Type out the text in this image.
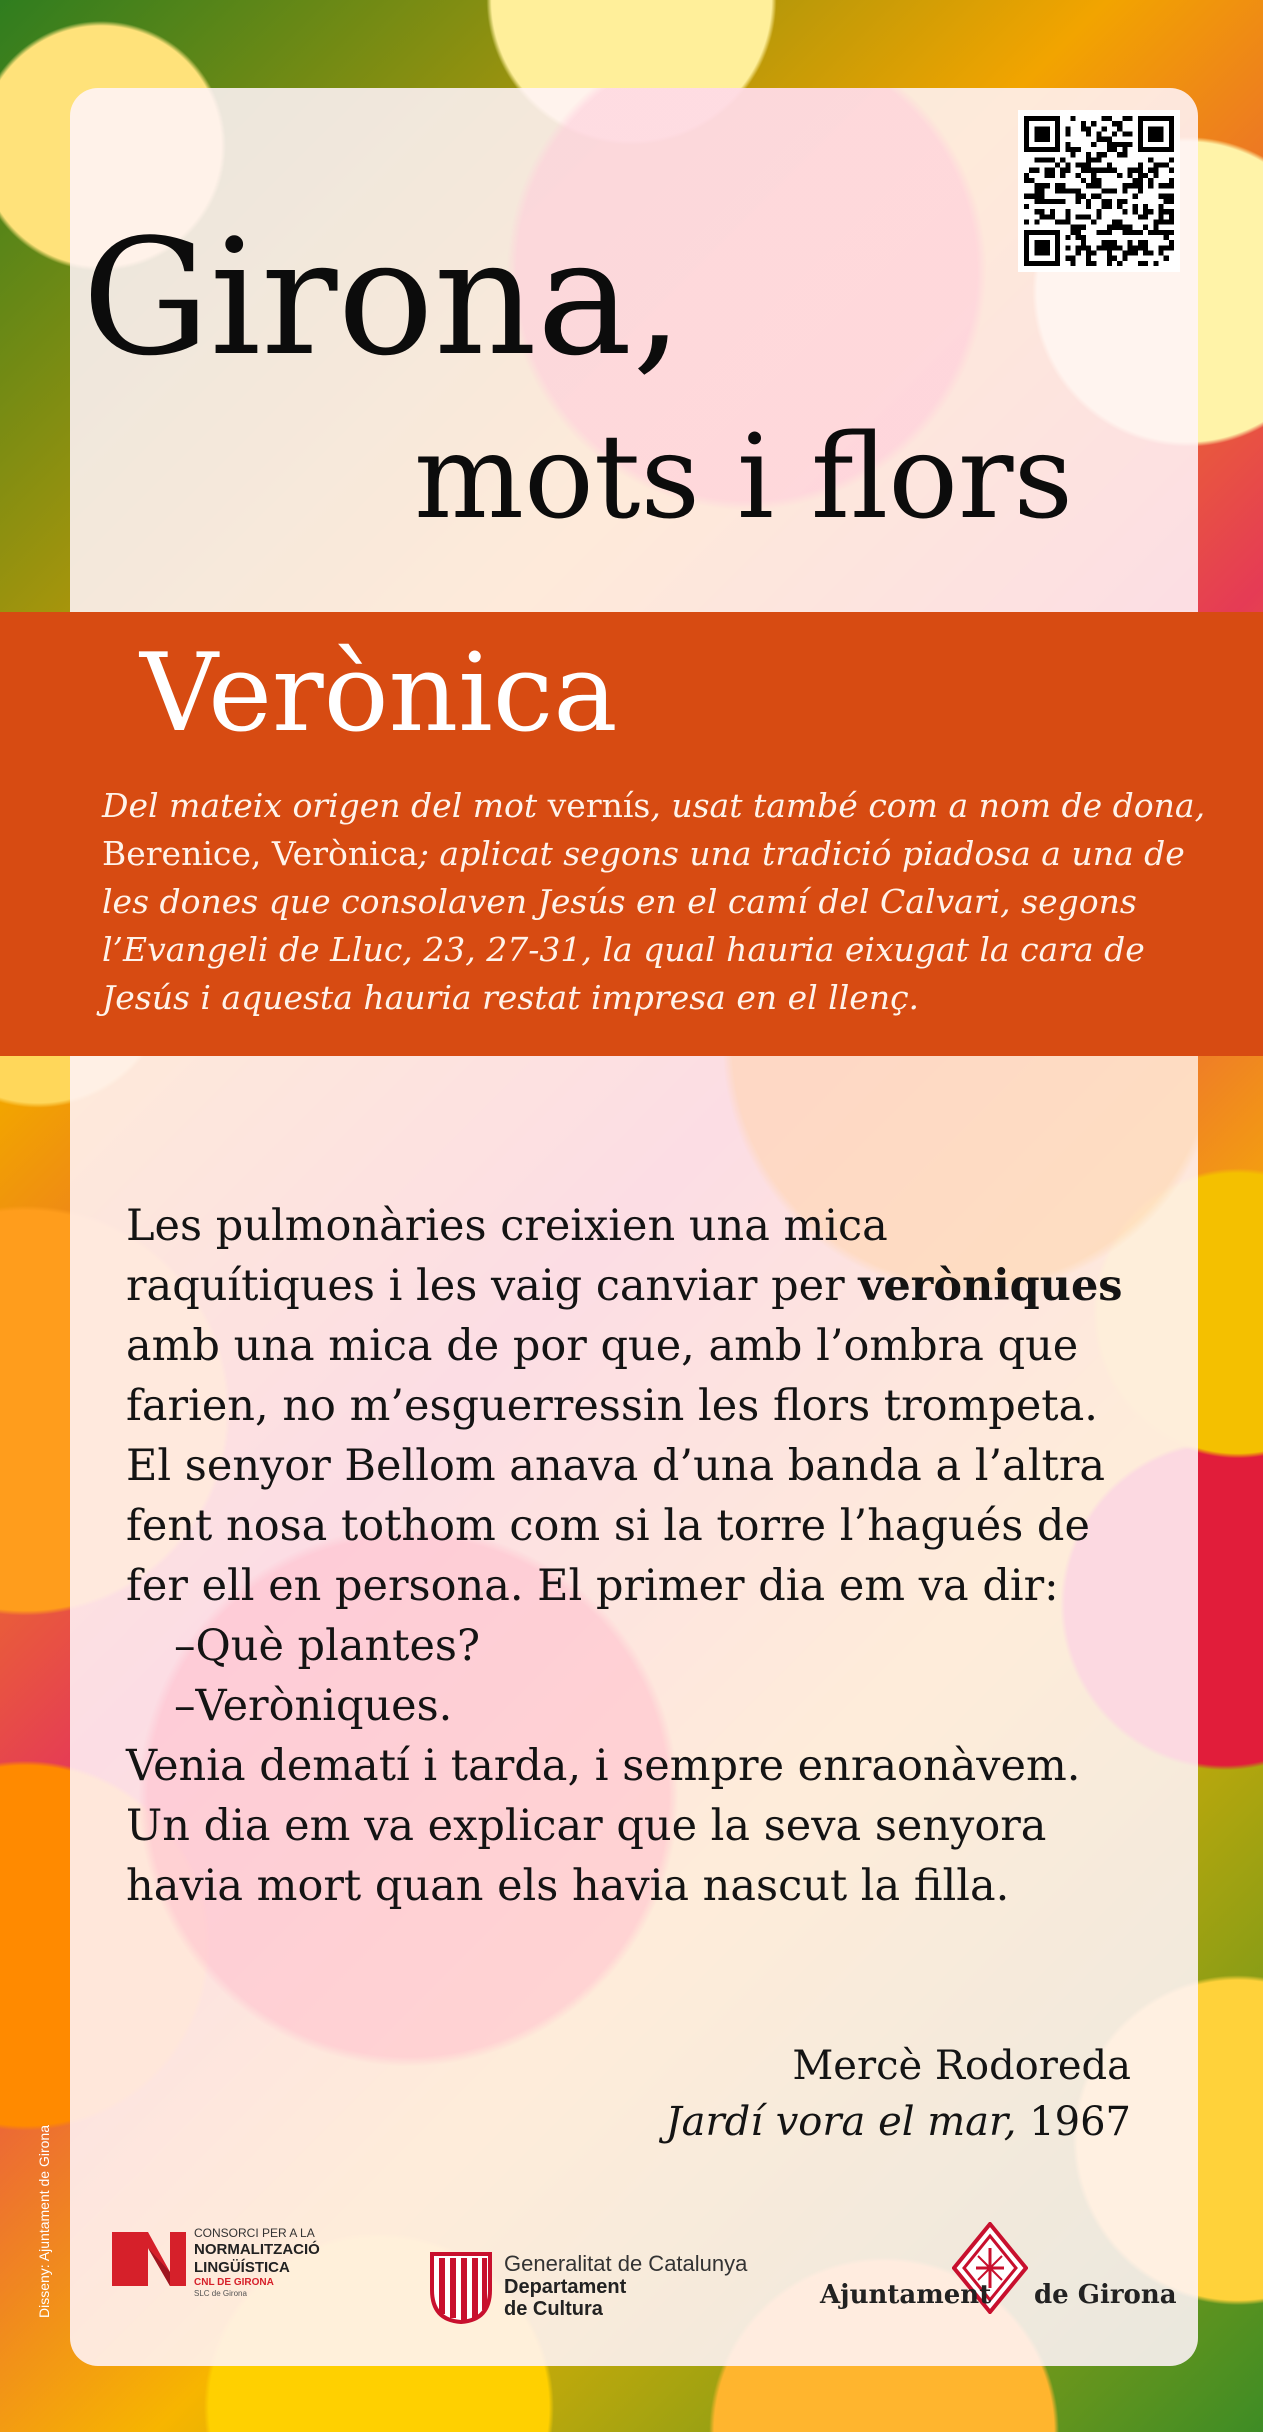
Girona,
mots i flors
Verònica

Del mateix origen del mot vernís, usat també com a nom de dona, Berenice, Verònica; aplicat segons una tradició piadosa a una de les dones que consolaven Jesús en el camí del Calvari, segons l’Evangeli de Lluc, 23, 27-31, la qual hauria eixugat la cara de Jesús i aquesta hauria restat impresa en el llenç.

Les pulmonàries creixien una mica
raquítiques i les vaig canviar per veròniques
amb una mica de por que, amb l’ombra que
farien, no m’esguerressin les flors trompeta.
El senyor Bellom anava d’una banda a l’altra
fent nosa tothom com si la torre l’hagués de
fer ell en persona. El primer dia em va dir:
–Què plantes?
–Veròniques.
Venia dematí i tarda, i sempre enraonàvem.
Un dia em va explicar que la seva senyora
havia mort quan els havia nascut la filla.
Mercè Rodoreda
Jardí vora el mar, 1967
Disseny: Ajuntament de Girona	CONSORCI PER A LA
NORMALITZACIÓ
LINGÜÍSTICA
CNL DE GIRONA
SLC de Girona
Generalitat de Catalunya
Departament
de Cultura	Ajuntament de Girona
